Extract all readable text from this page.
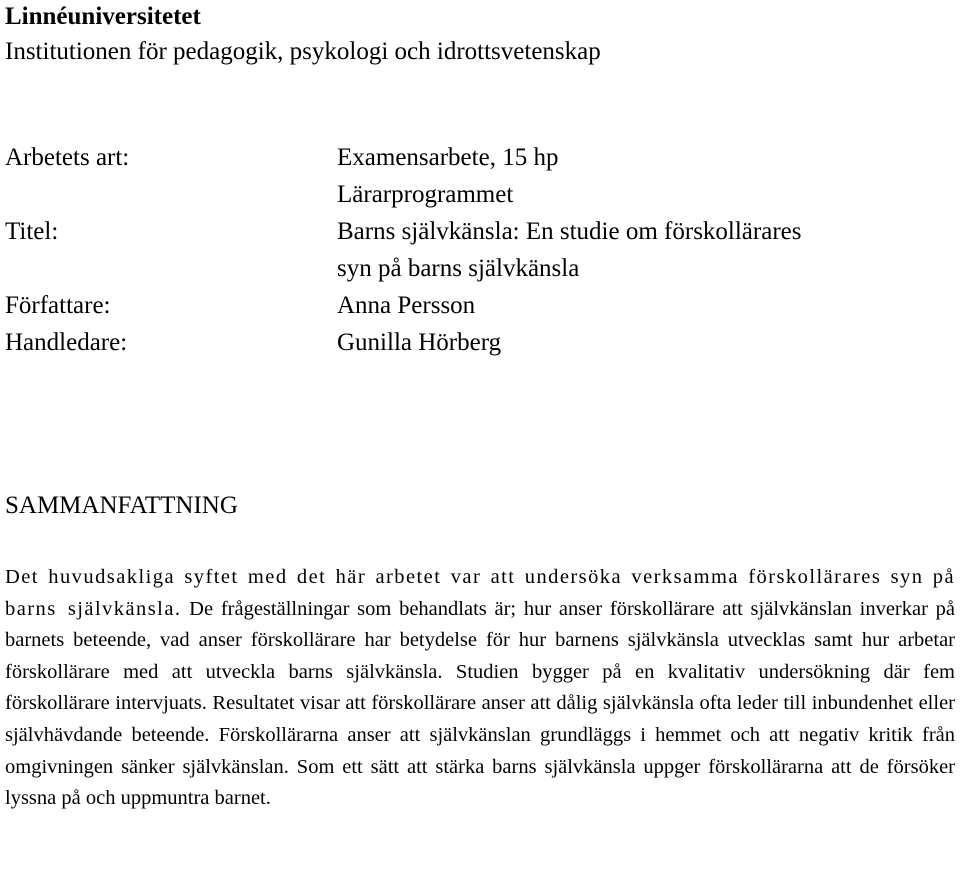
Linnéuniversitetet
Institutionen för pedagogik, psykologi och idrottsvetenskap
Arbetets art:	Examensarbete, 15 hp
Lärarprogrammet
Titel:	Barns självkänsla: En studie om förskollärares
syn på barns självkänsla
Författare:	Anna Persson
Handledare:	Gunilla Hörberg
SAMMANFATTNING

Det huvudsakliga syftet med det här arbetet var att undersöka verksamma förskollärares syn på barns självkänsla. De frågeställningar som behandlats är; hur anser förskollärare att självkänslan inverkar på barnets beteende, vad anser förskollärare har betydelse för hur barnens självkänsla utvecklas samt hur arbetar förskollärare med att utveckla barns självkänsla. Studien bygger på en kvalitativ undersökning där fem förskollärare intervjuats. Resultatet visar att förskollärare anser att dålig självkänsla ofta leder till inbundenhet eller självhävdande beteende. Förskollärarna anser att självkänslan grundläggs i hemmet och att negativ kritik från omgivningen sänker självkänslan. Som ett sätt att stärka barns självkänsla uppger förskollärarna att de försöker lyssna på och uppmuntra barnet.
